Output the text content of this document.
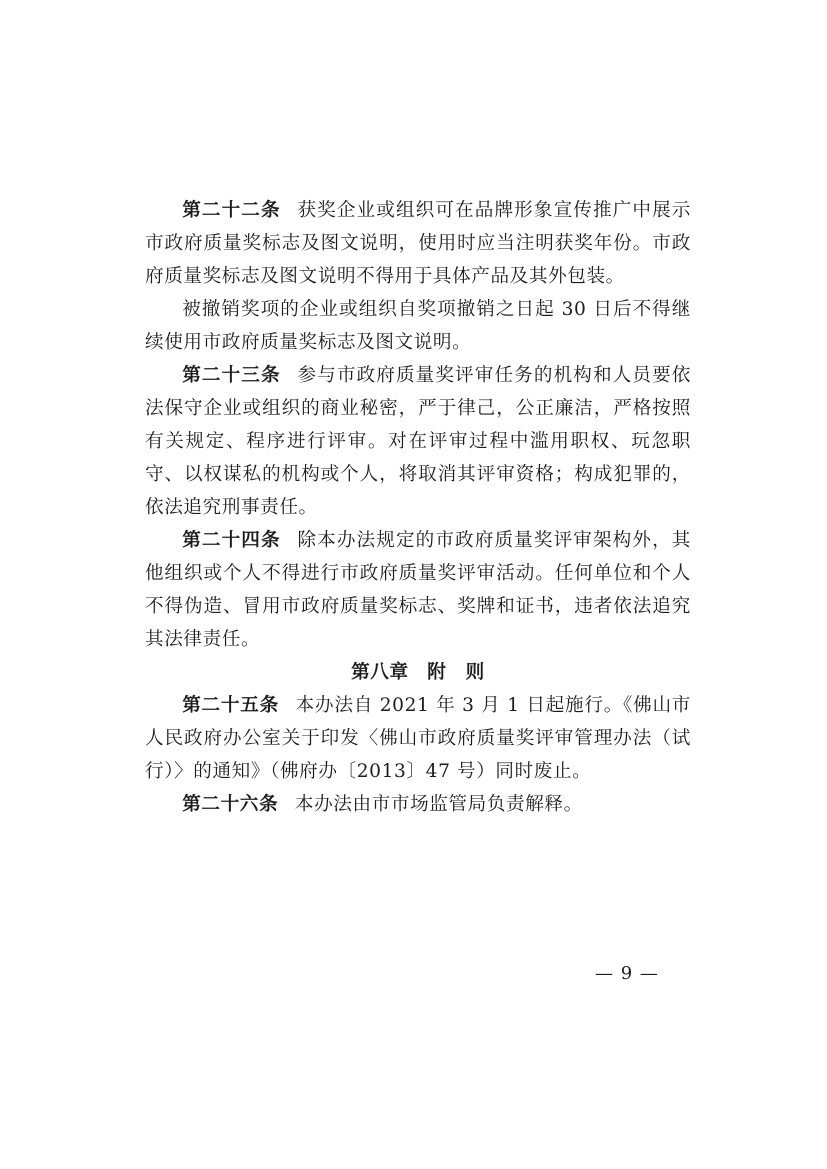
第二十二条 获奖企业或组织可在品牌形象宣传推广中展示市政府质量奖标志及图文说明，使用时应当注明获奖年份。市政府质量奖标志及图文说明不得用于具体产品及其外包装。

被撤销奖项的企业或组织自奖项撤销之日起 30 日后不得继续使用市政府质量奖标志及图文说明。

第二十三条 参与市政府质量奖评审任务的机构和人员要依法保守企业或组织的商业秘密，严于律己，公正廉洁，严格按照有关规定、程序进行评审。对在评审过程中滥用职权、玩忽职守、以权谋私的机构或个人，将取消其评审资格；构成犯罪的，依法追究刑事责任。

第二十四条 除本办法规定的市政府质量奖评审架构外，其他组织或个人不得进行市政府质量奖评审活动。任何单位和个人不得伪造、冒用市政府质量奖标志、奖牌和证书，违者依法追究其法律责任。

第八章 附　则

第二十五条 本办法自 2021 年 3 月 1 日起施行。《佛山市人民政府办公室关于印发〈佛山市政府质量奖评审管理办法（试行）〉的通知》（佛府办〔2013〕47 号）同时废止。

第二十六条 本办法由市市场监管局负责解释。

— 9 —
